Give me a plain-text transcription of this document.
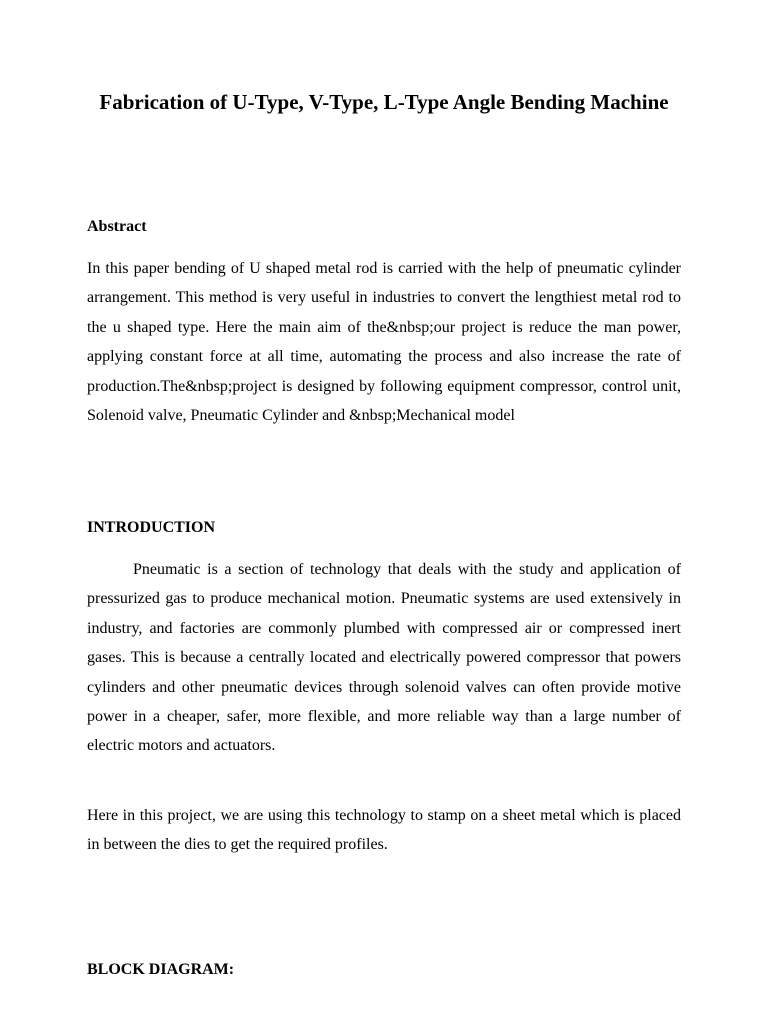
Fabrication of U-Type, V-Type, L-Type Angle Bending Machine
Abstract

In this paper bending of U shaped metal rod is carried with the help of pneumatic cylinder arrangement. This method is very useful in industries to convert the lengthiest metal rod to the u shaped type. Here the main aim of the&nbsp;our project is reduce the man power, applying constant force at all time, automating the process and also increase the rate of production.The&nbsp;project is designed by following equipment compressor, control unit, Solenoid valve, Pneumatic Cylinder and &nbsp;Mechanical model

INTRODUCTION

Pneumatic is a section of technology that deals with the study and application of pressurized gas to produce mechanical motion. Pneumatic systems are used extensively in industry, and factories are commonly plumbed with compressed air or compressed inert gases. This is because a centrally located and electrically powered compressor that powers cylinders and other pneumatic devices through solenoid valves can often provide motive power in a cheaper, safer, more flexible, and more reliable way than a large number of electric motors and actuators.

Here in this project, we are using this technology to stamp on a sheet metal which is placed in between the dies to get the required profiles.

BLOCK DIAGRAM:
